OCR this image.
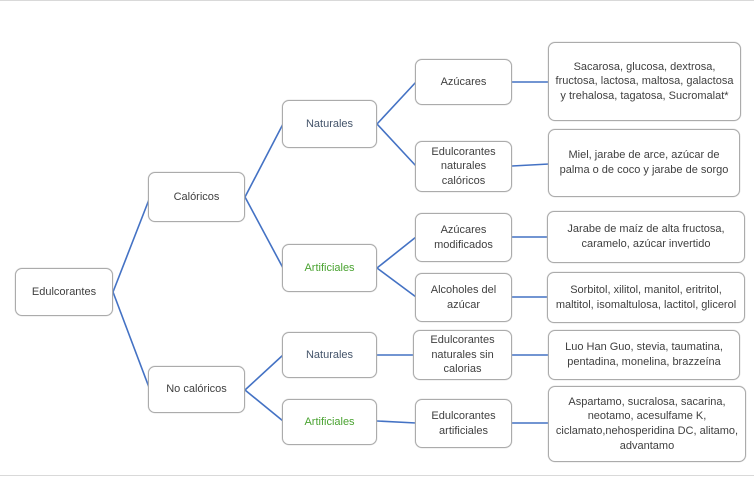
Edulcorantes
Calóricos
No calóricos
Naturales
Artificiales
Naturales
Artificiales
Azúcares
Edulcorantes naturales calóricos
Azúcares modificados
Alcoholes del azúcar
Edulcorantes naturales sin calorias
Edulcorantes artificiales
Sacarosa, glucosa, dextrosa, fructosa, lactosa, maltosa, galactosa y trehalosa, tagatosa, Sucromalat*
Miel, jarabe de arce, azúcar de palma o de coco y jarabe de sorgo
Jarabe de maíz de alta fructosa, caramelo, azúcar invertido
Sorbitol, xilitol, manitol, eritritol, maltitol, isomaltulosa, lactitol, glicerol
Luo Han Guo, stevia, taumatina, pentadina, monelina, brazzeína
Aspartamo, sucralosa, sacarina, neotamo, acesulfame K, ciclamato,nehosperidina DC, alitamo, advantamo
